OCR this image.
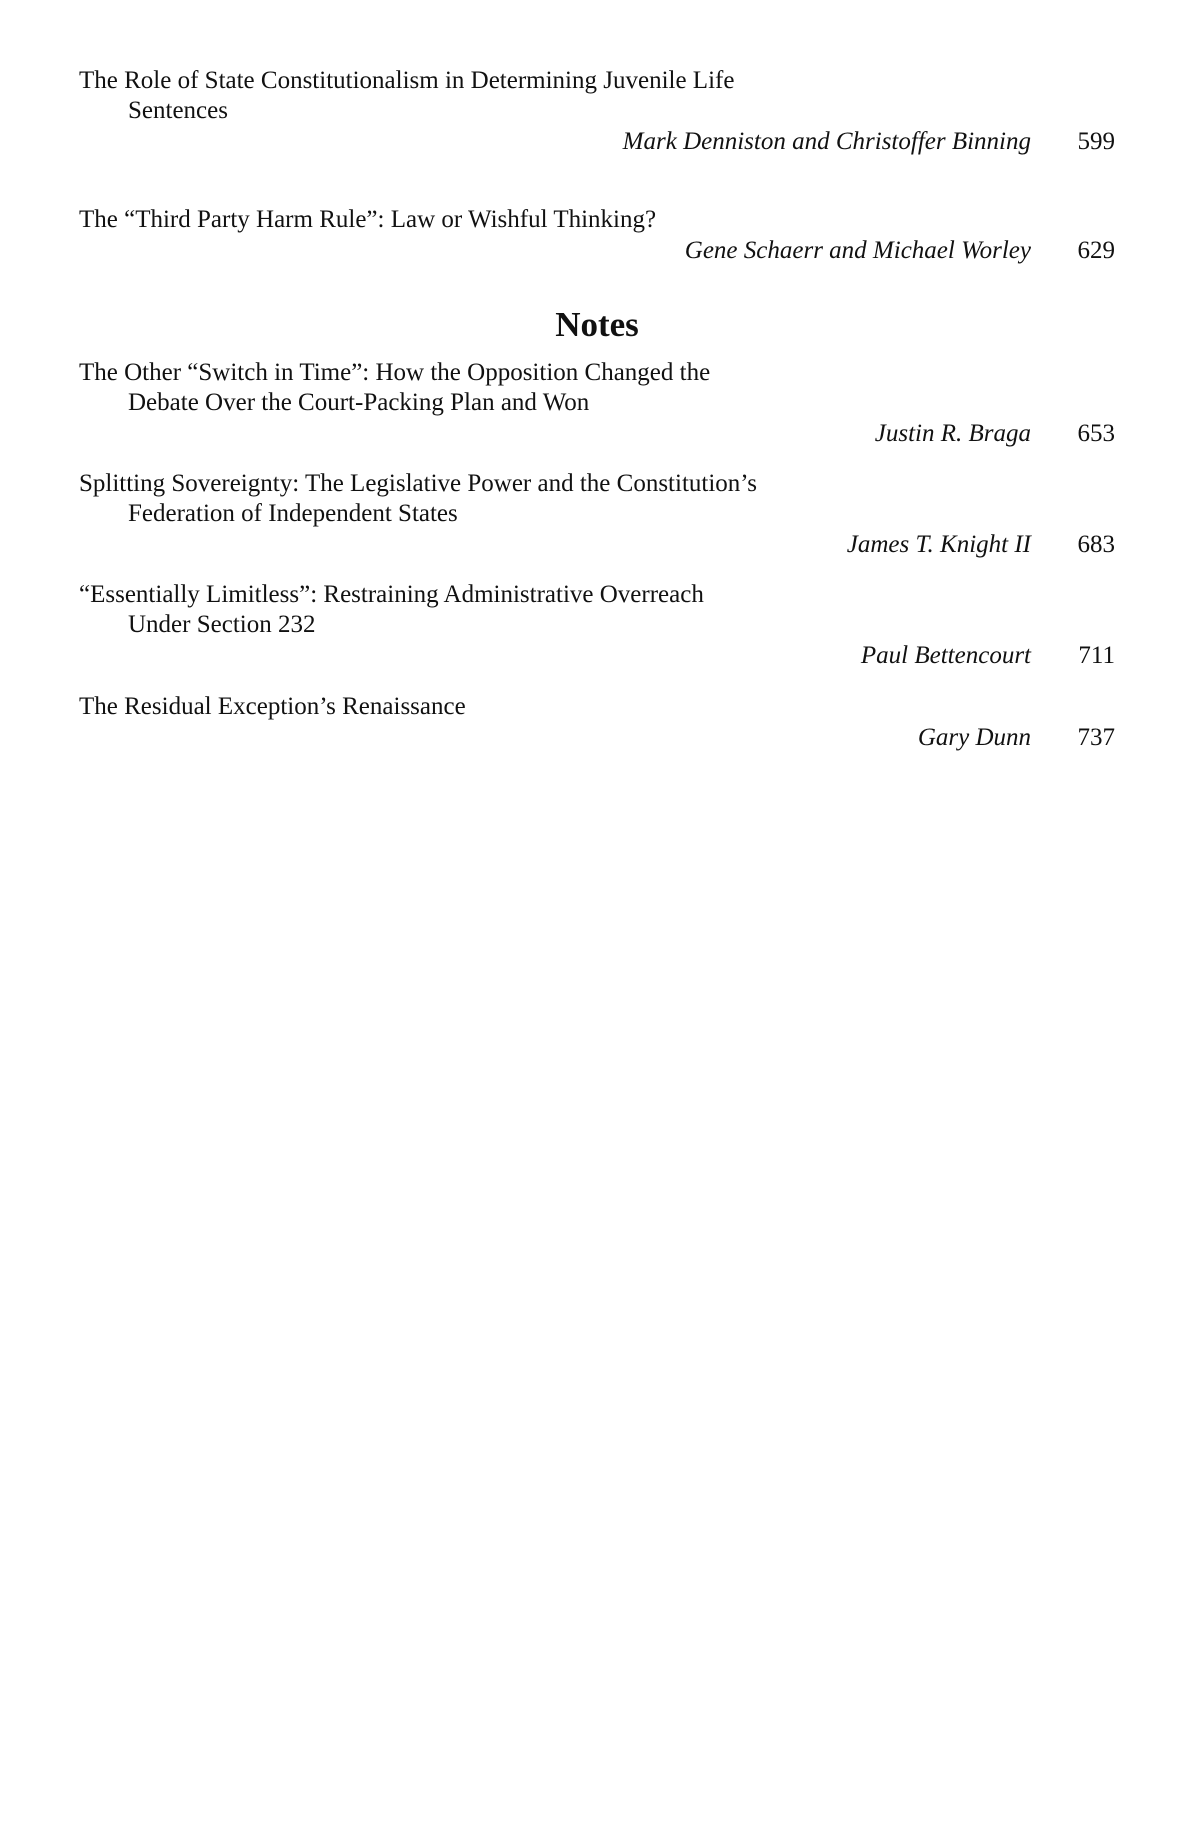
The Role of State Constitutionalism in Determining Juvenile Life
Sentences
Mark Denniston and Christoffer Binning 599
The “Third Party Harm Rule”: Law or Wishful Thinking?
Gene Schaerr and Michael Worley 629
Notes
The Other “Switch in Time”: How the Opposition Changed the
Debate Over the Court-Packing Plan and Won
Justin R. Braga 653
Splitting Sovereignty: The Legislative Power and the Constitution’s
Federation of Independent States
James T. Knight II 683
“Essentially Limitless”: Restraining Administrative Overreach
Under Section 232
Paul Bettencourt 711
The Residual Exception’s Renaissance
Gary Dunn 737
